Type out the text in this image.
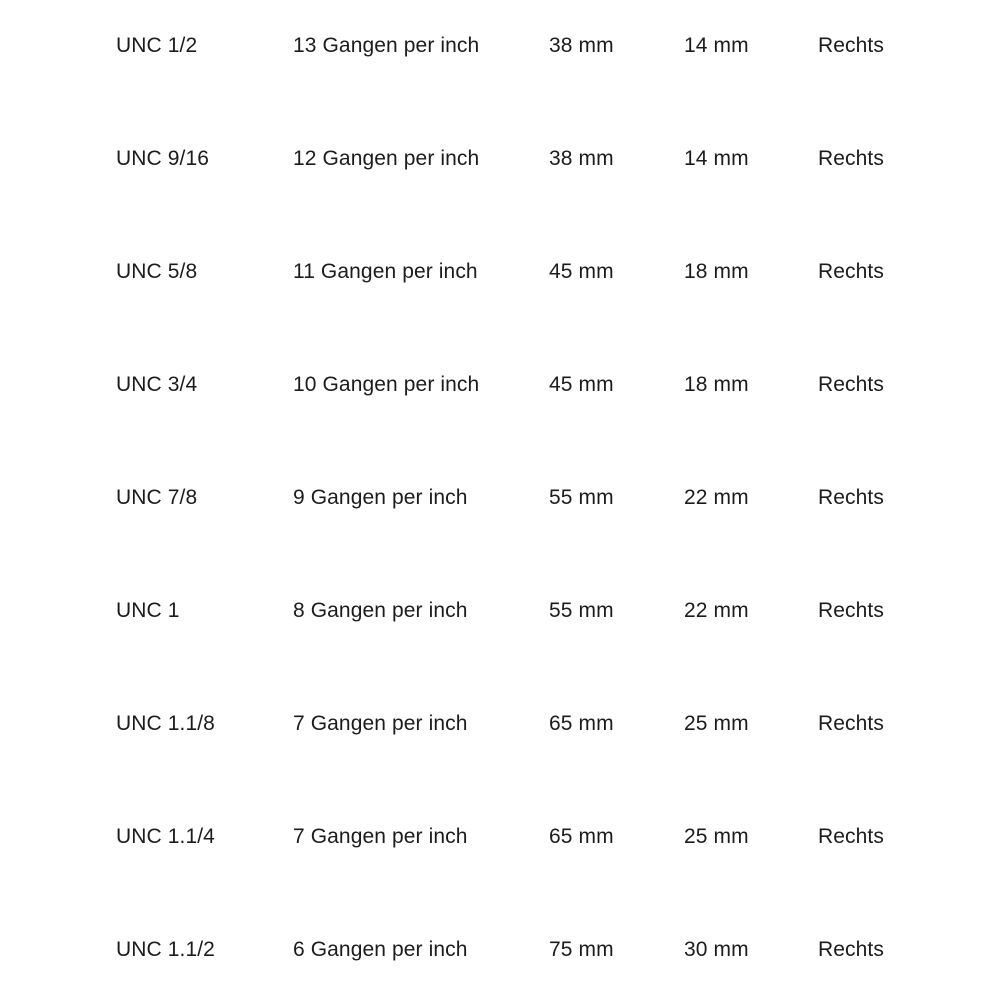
UNC 1/2	13 Gangen per inch	38 mm	14 mm	Rechts
UNC 9/16	12 Gangen per inch	38 mm	14 mm	Rechts
UNC 5/8	11 Gangen per inch	45 mm	18 mm	Rechts
UNC 3/4	10 Gangen per inch	45 mm	18 mm	Rechts
UNC 7/8	9 Gangen per inch	55 mm	22 mm	Rechts
UNC 1	8 Gangen per inch	55 mm	22 mm	Rechts
UNC 1.1/8	7 Gangen per inch	65 mm	25 mm	Rechts
UNC 1.1/4	7 Gangen per inch	65 mm	25 mm	Rechts
UNC 1.1/2	6 Gangen per inch	75 mm	30 mm	Rechts
